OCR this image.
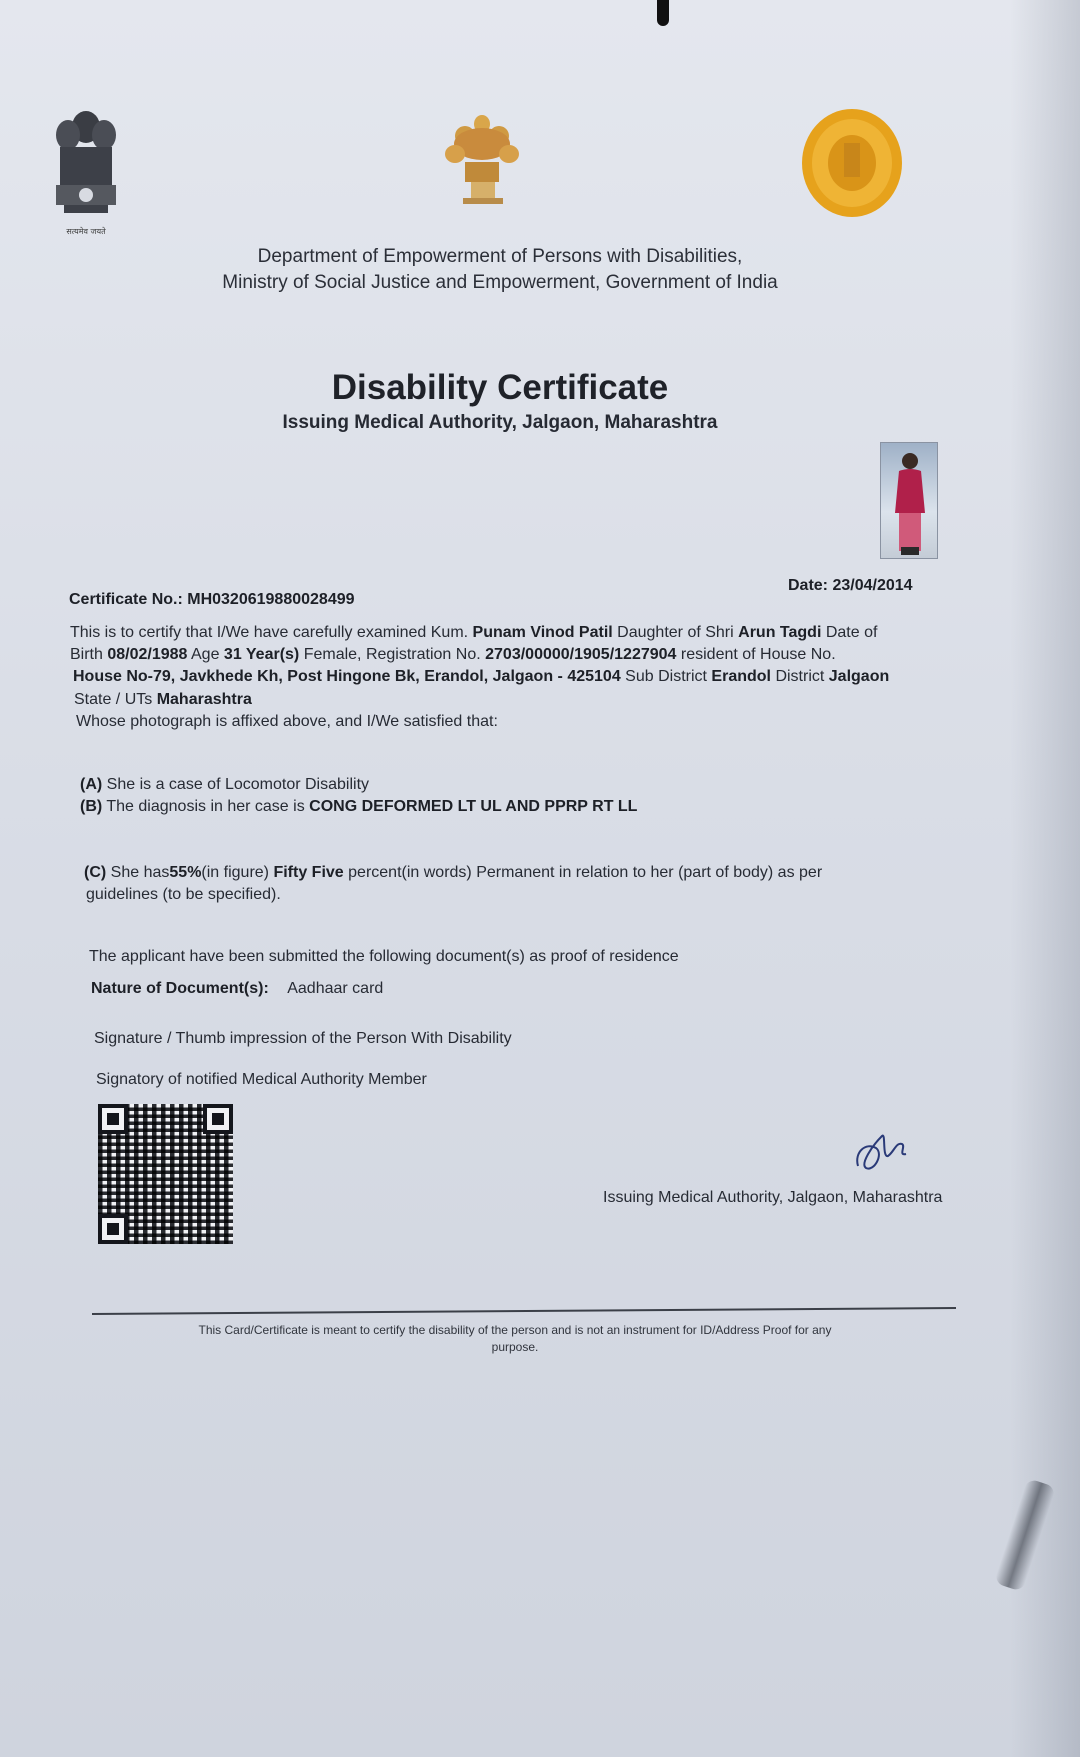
सत्यमेव जयते
Department of Empowerment of Persons with Disabilities,
Ministry of Social Justice and Empowerment, Government of India
Disability Certificate
Issuing Medical Authority, Jalgaon, Maharashtra
Certificate No.: MH0320619880028499
Date: 23/04/2014
This is to certify that I/We have carefully examined Kum. Punam Vinod Patil Daughter of Shri Arun Tagdi Date of
Birth 08/02/1988 Age 31 Year(s) Female, Registration No. 2703/00000/1905/1227904 resident of House No.
House No-79, Javkhede Kh, Post Hingone Bk, Erandol, Jalgaon - 425104 Sub District Erandol District Jalgaon
State / UTs Maharashtra
Whose photograph is affixed above, and I/We satisfied that:
(A) She is a case of Locomotor Disability
(B) The diagnosis in her case is CONG DEFORMED LT UL AND PPRP RT LL
(C) She has55%(in figure) Fifty Five percent(in words) Permanent in relation to her (part of body) as per
guidelines (to be specified).
The applicant have been submitted the following document(s) as proof of residence
Nature of Document(s): Aadhaar card
Signature / Thumb impression of the Person With Disability
Signatory of notified Medical Authority Member
Issuing Medical Authority, Jalgaon, Maharashtra
This Card/Certificate is meant to certify the disability of the person and is not an instrument for ID/Address Proof for any
purpose.
